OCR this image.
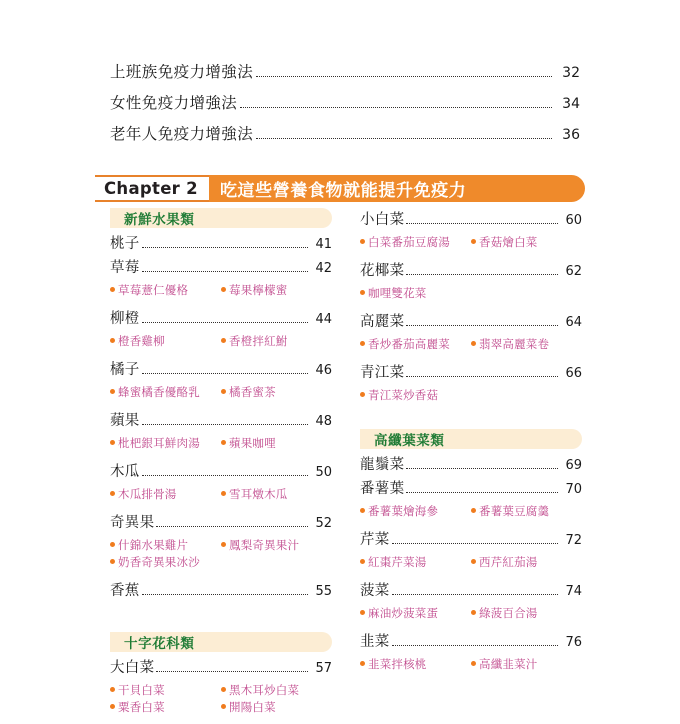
上班族免疫力增強法	32
女性免疫力增強法	34
老年人免疫力增強法	36
Chapter 2 吃這些營養食物就能提升免疫力
新鮮水果類
桃子	41
草莓	42
草莓薏仁優格	莓果檸檬蜜
柳橙	44
橙香雞柳	香橙拌紅鮒
橘子	46
蜂蜜橘香優酪乳	橘香蜜茶
蘋果	48
枇杷銀耳鮮肉湯	蘋果咖哩
木瓜	50
木瓜排骨湯	雪耳燉木瓜
奇異果	52
什錦水果雞片	鳳梨奇異果汁
奶香奇異果冰沙
香蕉	55
十字花科類
大白菜	57
干貝白菜	黑木耳炒白菜
粟香白菜	開陽白菜
小白菜	60
白菜番茄豆腐湯	香菇燴白菜
花椰菜	62
咖哩雙花菜
高麗菜	64
香炒番茄高麗菜	翡翠高麗菜卷
青江菜	66
青江菜炒香菇
高纖葉菜類
龍鬚菜	69
番薯葉	70
番薯葉燴海參	番薯葉豆腐羹
芹菜	72
紅棗芹菜湯	西芹紅茄湯
菠菜	74
麻油炒菠菜蛋	綠菠百合湯
韭菜	76
韭菜拌核桃	高纖韭菜汁
